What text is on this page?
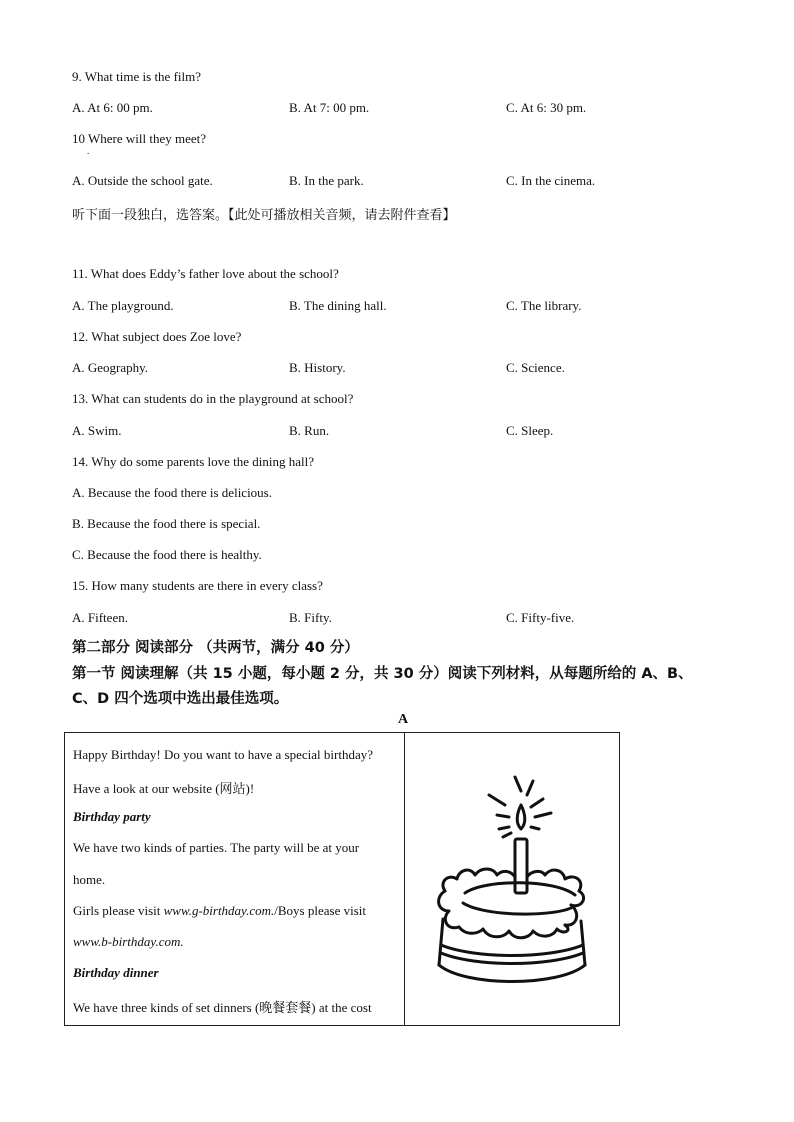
9. What time is the film?
A. At 6: 00 pm.	B. At 7: 00 pm.	C. At 6: 30 pm.
10 Where will they meet?
.
A. Outside the school gate.	B. In the park.	C. In the cinema.
听下面一段独白，选答案。【此处可播放相关音频，请去附件查看】
11. What does Eddy’s father love about the school?
A. The playground.	B. The dining hall.	C. The library.
12. What subject does Zoe love?
A. Geography.	B. History.	C. Science.
13. What can students do in the playground at school?
A. Swim.	B. Run.	C. Sleep.
14. Why do some parents love the dining hall?
A. Because the food there is delicious.
B. Because the food there is special.
C. Because the food there is healthy.
15. How many students are there in every class?
A. Fifteen.	B. Fifty.	C. Fifty-five.
第二部分 阅读部分 （共两节，满分 40 分）
第一节 阅读理解（共 15 小题，每小题 2 分，共 30 分）阅读下列材料，从每题所给的 A、B、
C、D 四个选项中选出最佳选项。
A
Happy Birthday! Do you want to have a special birthday?
Have a look at our website (网站)!
Birthday party
We have two kinds of parties. The party will be at your
home.
Girls please visit www.g-birthday.com./Boys please visit
www.b-birthday.com.
Birthday dinner
We have three kinds of set dinners (晚餐套餐) at the cost
